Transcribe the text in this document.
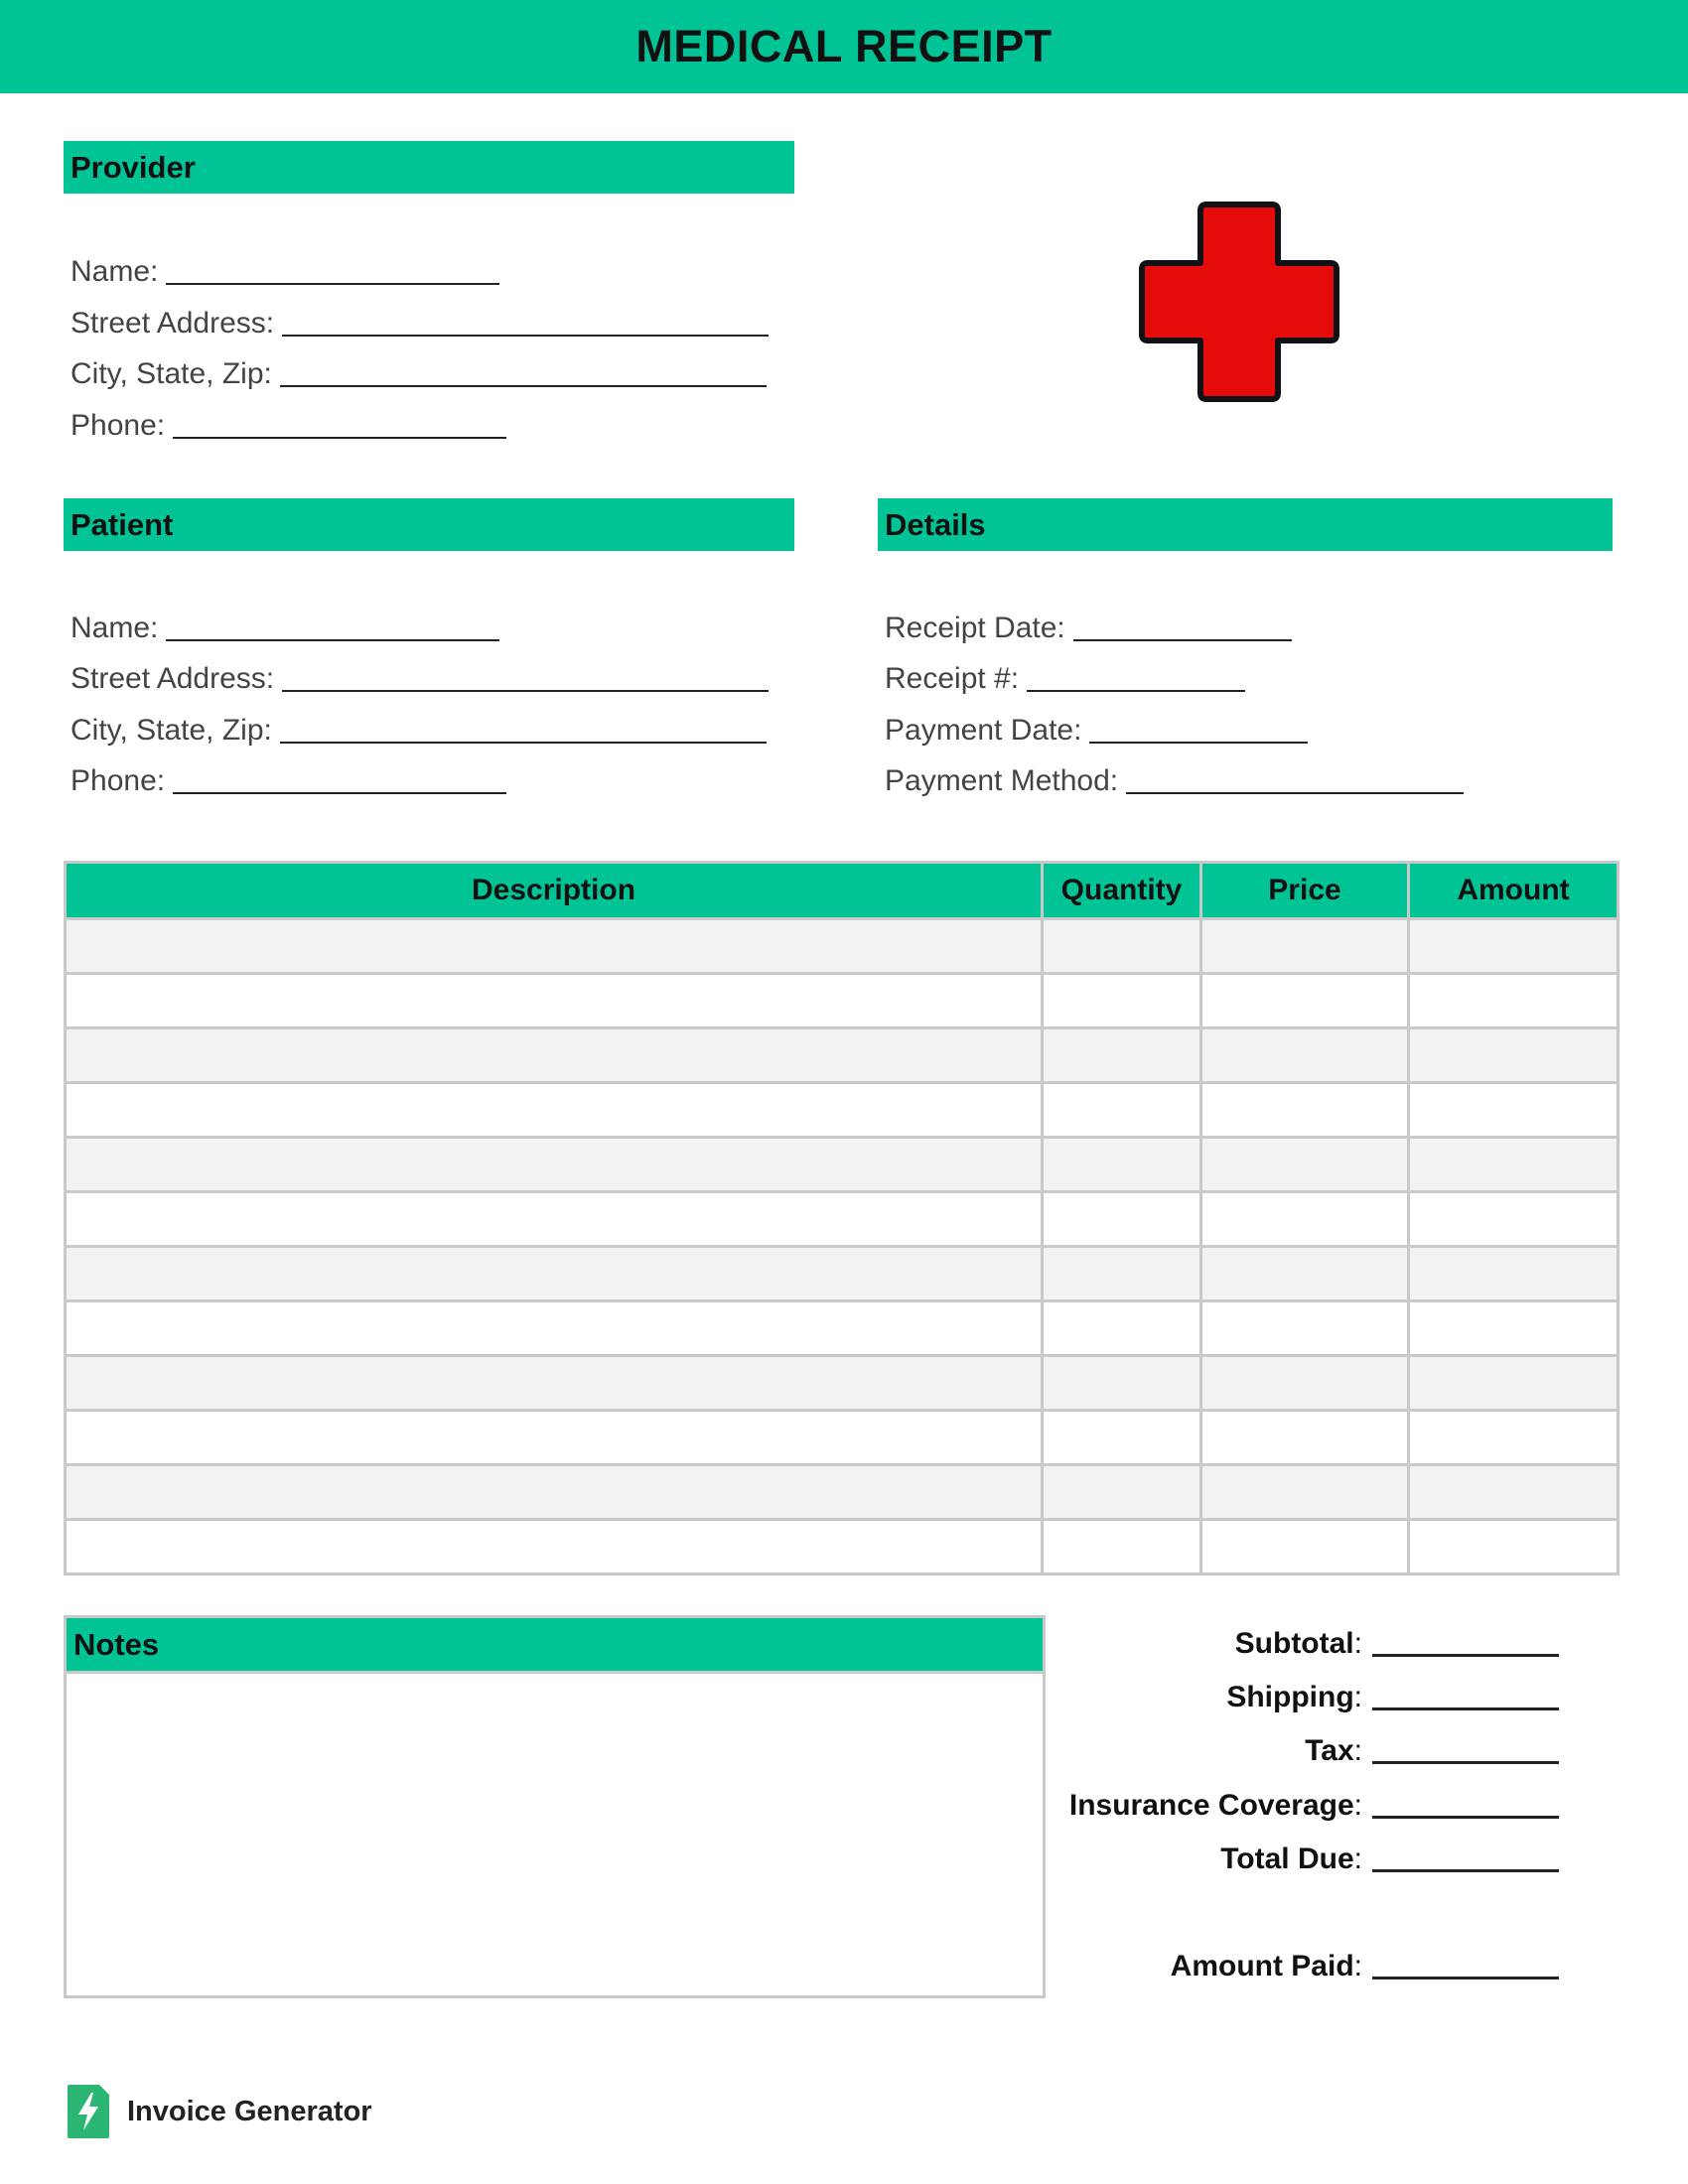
MEDICAL RECEIPT
Provider
Name:
Street Address:
City, State, Zip:
Phone:
Patient
Name:
Street Address:
City, State, Zip:
Phone:
Details
Receipt Date:
Receipt #:
Payment Date:
Payment Method:
Description	Quantity	Price	Amount

Notes	Subtotal :
Shipping :
Tax :
Insurance Coverage :
Total Due :
Amount Paid :
Invoice Generator
